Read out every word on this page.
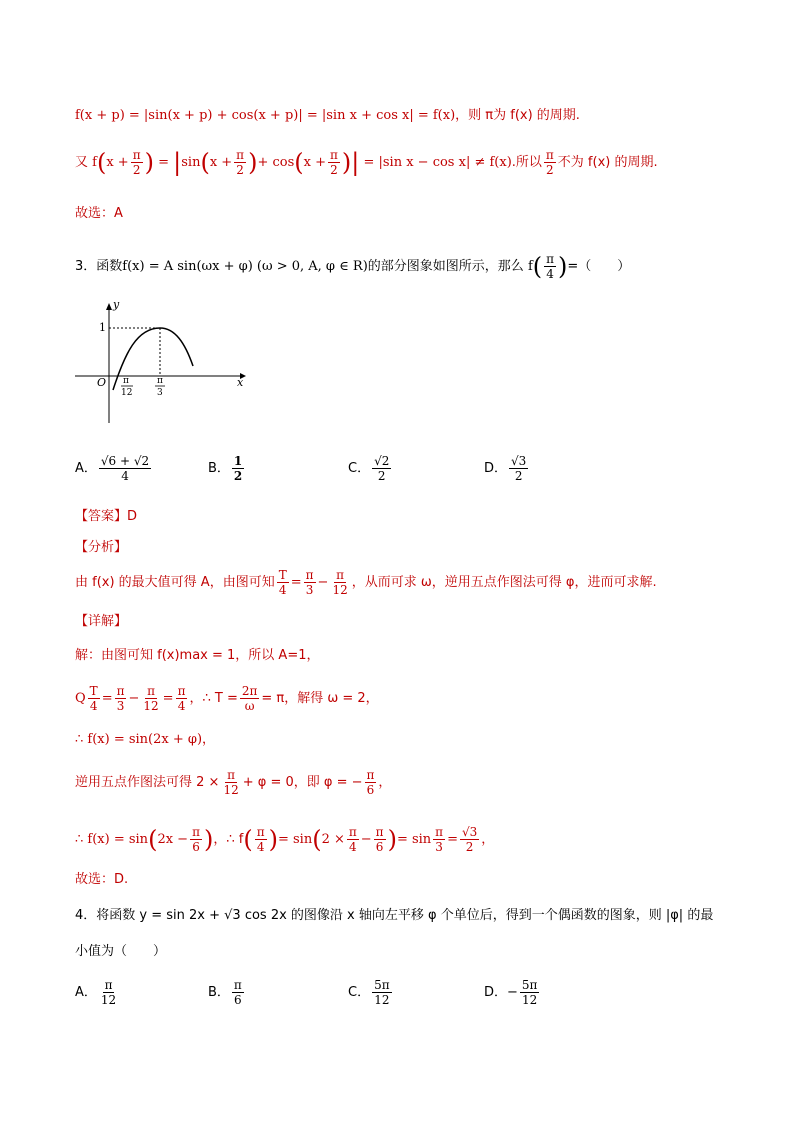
f(x + p) = |sin(x + p) + cos(x + p)| = |sin x + cos x| = f(x)，则 π为 f(x) 的周期.
又 $f(x + \frac{\pi}{2}$ ) = $|\sin(x + \frac{\pi}{2}$ )+ $\cos(x + \frac{\pi}{2}$ )| = |sin x − cos x| ≠ f(x).所以 $\frac{\pi}{2}$ 不为 f(x) 的周期.
故选：A
3．函数f(x) = A sin(ωx + φ) (ω > 0, A, φ ∈ R)的部分图象如图所示，那么 $f( \frac{\pi}{4}$ )=（　　）
y
1
O	x
π
12
π
3
A． $\frac{√6 + √2}{4}$	B． $\frac{1}{2}$	C． $\frac{√2}{2}$	D． $\frac{√3}{2}$
【答案】D
【分析】
由 f(x) 的最大值可得 A，由图可知 $\frac{T}{4} = \frac{\pi}{3} - \frac{\pi}{12}$ ，从而可求 ω，逆用五点作图法可得 φ，进而可求解.
【详解】
解：由图可知 f(x)max = 1，所以 A=1，
Q $\frac{T}{4} = \frac{\pi}{3} - \frac{\pi}{12} = \frac{\pi}{4}$ ，∴ $T = \frac{2\pi}{\omega} = \pi$，解得 ω = 2，
∴ f(x) = sin(2x + φ)，
逆用五点作图法可得 $2 \times \frac{\pi}{12} + \varphi = 0$，即 φ = − $\frac{\pi}{6}$ ，
∴ $f(x) = \sin(2x - \frac{\pi}{6}$ )，∴ $f( \frac{\pi}{4}$ )= $\sin(2 \times \frac{\pi}{4} - \frac{\pi}{6}$ )= $\sin \frac{\pi}{3} = \frac{√3}{2}$ ，
故选：D.
4．将函数 y = sin 2x + √3 cos 2x 的图像沿 x 轴向左平移 φ 个单位后，得到一个偶函数的图象，则 |φ| 的最
小值为（　　）
A． $\frac{\pi}{12}$	B． $\frac{\pi}{6}$	C． $\frac{5\pi}{12}$	D．− $\frac{5\pi}{12}$
